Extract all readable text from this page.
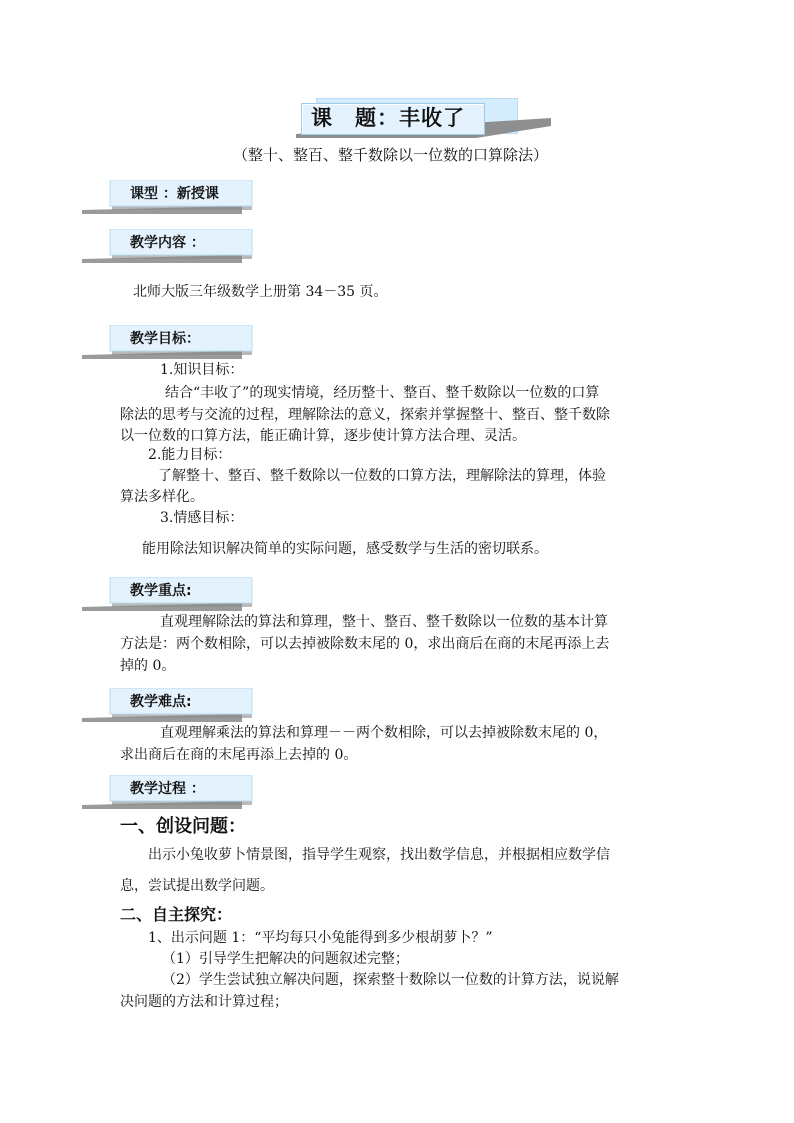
课　题：丰收了
（整十、整百、整千数除以一位数的口算除法）
课型 ：新授课
教学内容 ：
北师大版三年级数学上册第 34－35 页。
教学目标：
1.知识目标：
结合“丰收了”的现实情境，经历整十、整百、整千数除以一位数的口算
除法的思考与交流的过程，理解除法的意义，探索并掌握整十、整百、整千数除
以一位数的口算方法，能正确计算，逐步使计算方法合理、灵活。
2.能力目标：
了解整十、整百、整千数除以一位数的口算方法，理解除法的算理，体验
算法多样化。
3.情感目标：
能用除法知识解决简单的实际问题，感受数学与生活的密切联系。
教学重点:
直观理解除法的算法和算理，整十、整百、整千数除以一位数的基本计算
方法是：两个数相除，可以去掉被除数末尾的 0，求出商后在商的末尾再添上去
掉的 0。
教学难点:
直观理解乘法的算法和算理－－两个数相除，可以去掉被除数末尾的 0，
求出商后在商的末尾再添上去掉的 0。
教学过程 ：
一、创设问题：
出示小兔收萝卜情景图，指导学生观察，找出数学信息，并根据相应数学信
息，尝试提出数学问题。
二、自主探究：
1、出示问题 1：“平均每只小兔能得到多少根胡萝卜？”
（1）引导学生把解决的问题叙述完整；
（2）学生尝试独立解决问题，探索整十数除以一位数的计算方法，说说解
决问题的方法和计算过程；
